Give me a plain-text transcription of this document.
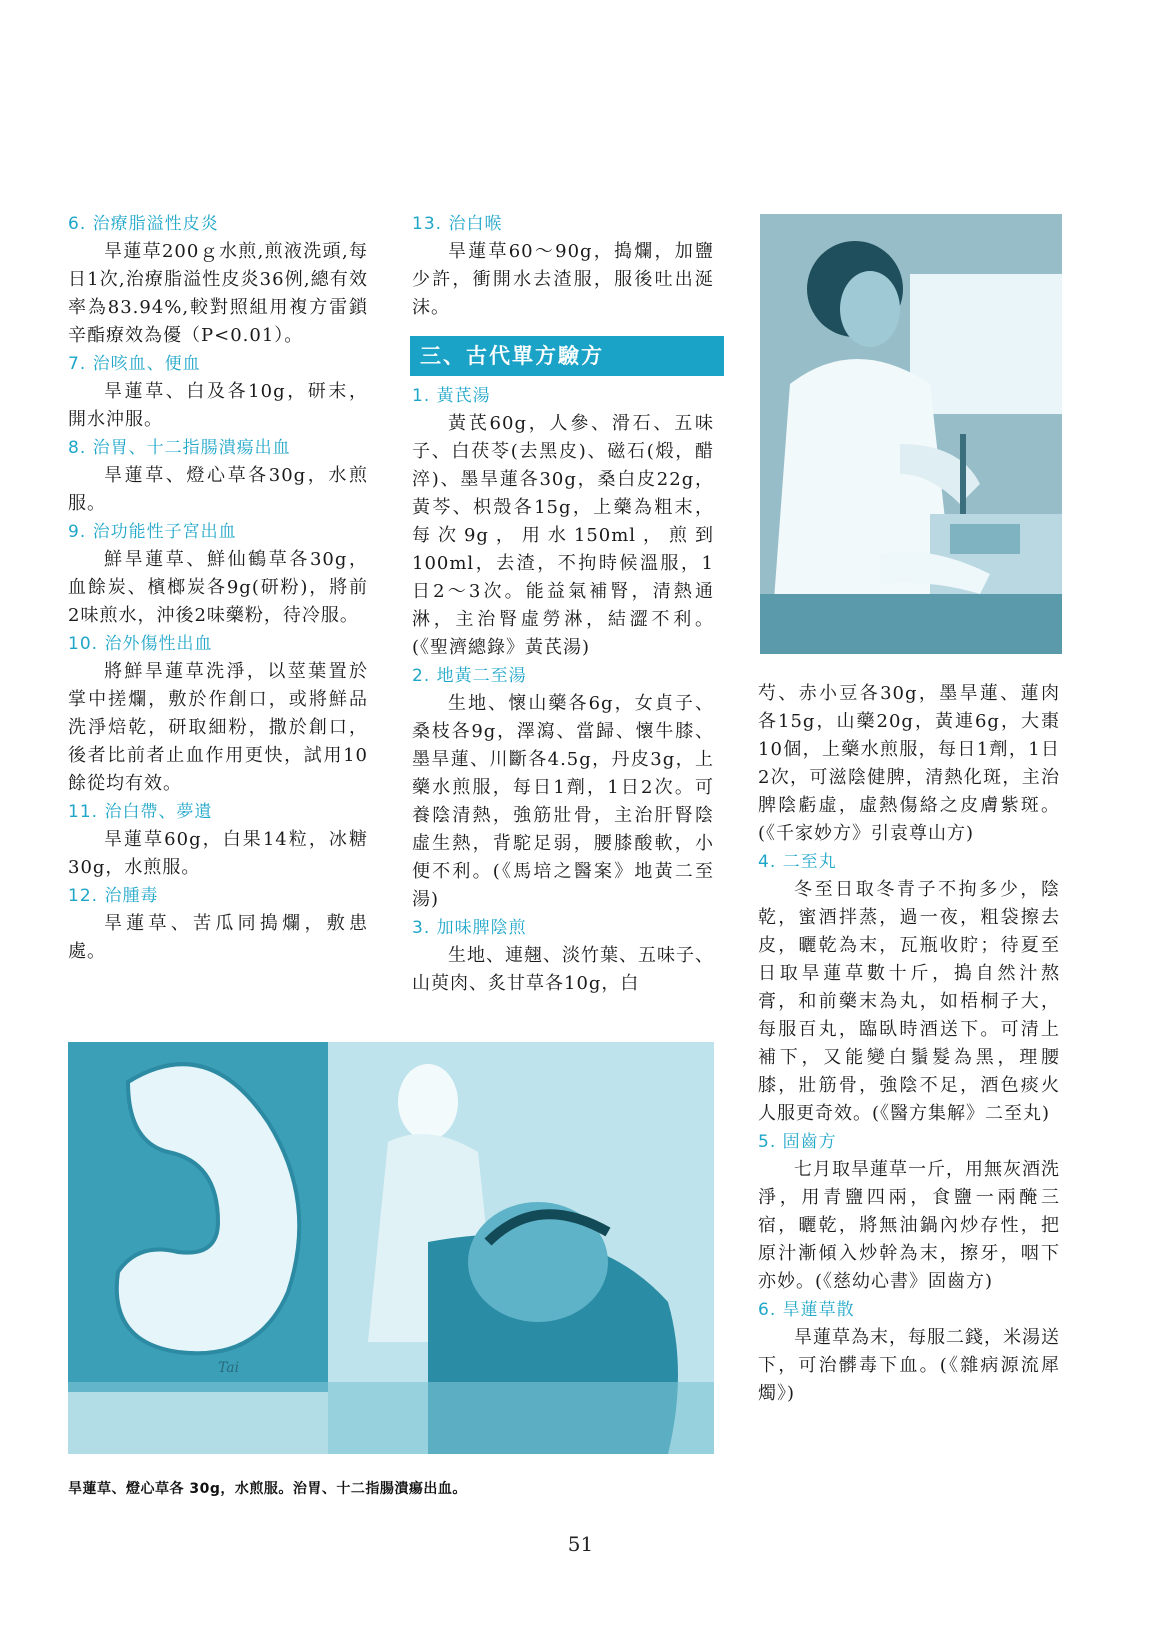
6. 治療脂溢性皮炎

旱蓮草200ｇ水煎,煎液洗頭,每日1次,治療脂溢性皮炎36例,總有效率為83.94%,較對照組用複方雷鎖辛酯療效為優（P<0.01）。

7. 治咳血、便血

旱蓮草、白及各10g，研末，開水沖服。

8. 治胃、十二指腸潰瘍出血

旱蓮草、燈心草各30g，水煎服。

9. 治功能性子宮出血

鮮旱蓮草、鮮仙鶴草各30g，血餘炭、檳榔炭各9g(研粉)，將前2味煎水，沖後2味藥粉，待冷服。

10. 治外傷性出血

將鮮旱蓮草洗淨，以莖葉置於掌中搓爛，敷於作創口，或將鮮品洗淨焙乾，研取細粉，撒於創口，後者比前者止血作用更快，試用10餘從均有效。

11. 治白帶、夢遺

旱蓮草60g，白果14粒，冰糖30g，水煎服。

12. 治腫毒

旱蓮草、苦瓜同搗爛，敷患處。

13. 治白喉

旱蓮草60～90g，搗爛，加鹽少許，衝開水去渣服，服後吐出涎沫。

三、古代單方驗方
1. 黃芪湯

黃芪60g，人參、滑石、五味子、白茯苓(去黑皮)、磁石(煅，醋淬)、墨旱蓮各30g，桑白皮22g，黃芩、枳殼各15g，上藥為粗末，每次9g，用水150ml，煎到100ml，去渣，不拘時候溫服，1日2～3次。能益氣補腎，清熱通淋，主治腎虛勞淋，結澀不利。(《聖濟總錄》黃芪湯)

2. 地黃二至湯

生地、懷山藥各6g，女貞子、桑枝各9g，澤瀉、當歸、懷牛膝、墨旱蓮、川斷各4.5g，丹皮3g，上藥水煎服，每日1劑，1日2次。可養陰清熱，強筋壯骨，主治肝腎陰虛生熱，背駝足弱，腰膝酸軟，小便不利。(《馬培之醫案》地黃二至湯)

3. 加味脾陰煎

生地、連翹、淡竹葉、五味子、山萸肉、炙甘草各10g，白

芍、赤小豆各30g，墨旱蓮、蓮肉各15g，山藥20g，黃連6g，大棗10個，上藥水煎服，每日1劑，1日2次，可滋陰健脾，清熱化斑，主治脾陰虧虛，虛熱傷絡之皮膚紫斑。(《千家妙方》引袁尊山方)

4. 二至丸

冬至日取冬青子不拘多少，陰乾，蜜酒拌蒸，過一夜，粗袋擦去皮，曬乾為末，瓦瓶收貯；待夏至日取旱蓮草數十斤，搗自然汁熬膏，和前藥末為丸，如梧桐子大，每服百丸，臨臥時酒送下。可清上補下，又能變白鬚髮為黑，理腰膝，壯筋骨，強陰不足，酒色痰火人服更奇效。(《醫方集解》二至丸)

5. 固齒方

七月取旱蓮草一斤，用無灰酒洗淨，用青鹽四兩，食鹽一兩醃三宿，曬乾，將無油鍋內炒存性，把原汁漸傾入炒幹為末，擦牙，咽下亦妙。(《慈幼心書》固齒方)

6. 旱蓮草散

旱蓮草為末，每服二錢，米湯送下，可治髒毒下血。(《雜病源流犀燭》)

Tai
旱蓮草、燈心草各 30g，水煎服。治胃、十二指腸潰瘍出血。
51
